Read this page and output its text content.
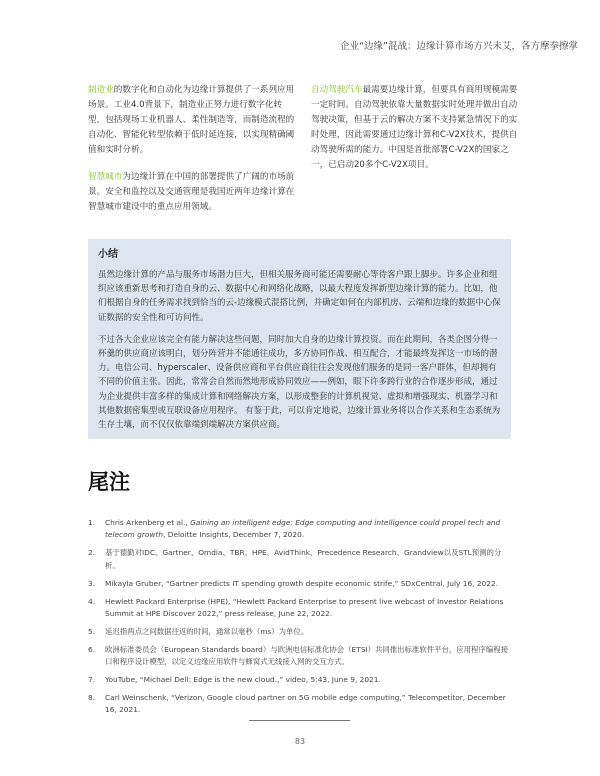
企业“边缘”混战：边缘计算市场方兴未艾，各方摩拳擦掌

制造业的数字化和自动化为边缘计算提供了一系列应用场景。工业4.0背景下，制造业正努力进行数字化转型，包括现场工业机器人、柔性制造等，而制造流程的自动化、智能化转型依赖于低时延连接，以实现精确阈值和实时分析。

智慧城市为边缘计算在中国的部署提供了广阔的市场前景。安全和监控以及交通管理是我国近两年边缘计算在智慧城市建设中的重点应用领域。

自动驾驶汽车最需要边缘计算，但要具有商用规模需要一定时间。自动驾驶依靠大量数据实时处理并做出自动驾驶决策，但基于云的解决方案不支持紧急情况下的实时处理，因此需要通过边缘计算和C-V2X技术，提供自动驾驶所需的能力。中国是首批部署C-V2X的国家之一，已启动20多个C-V2X项目。

小结

虽然边缘计算的产品与服务市场潜力巨大，但相关服务商可能还需要耐心等待客户跟上脚步。许多企业和组织应该重新思考和打造自身的云、数据中心和网络化战略，以最大程度发挥新型边缘计算的能力。比如，他们根据自身的任务需求找到恰当的云-边缘模式混搭比例，并确定如何在内部机房、云端和边缘的数据中心保证数据的安全性和可访问性。

不过各大企业应该完全有能力解决这些问题，同时加大自身的边缘计算投资。而在此期间，各类企图分得一杯羹的供应商应该明白，划分阵营并不能通往成功，多方协同作战、相互配合，才能最终发挥这一市场的潜力。电信公司、hyperscaler、设备供应商和平台供应商往往会发现他们服务的是同一客户群体，但却拥有不同的价值主张。因此，常常会自然而然地形成协同效应——例如，眼下许多跨行业的合作逐步形成，通过为企业提供丰富多样的集成计算和网络解决方案，以形成整套的计算机视觉、虚拟和增强现实、机器学习和其他数据密集型或互联设备应用程序。 有鉴于此，可以肯定地说，边缘计算业务将以合作关系和生态系统为生存土壤，而不仅仅依靠端到端解决方案供应商。

尾注
1.	Chris Arkenberg et al., Gaining an intelligent edge: Edge computing and intelligence could propel tech and telecom growth, Deloitte Insights, December 7, 2020.
2.	基于德勤对IDC、Gartner、Omdia、TBR、HPE、AvidThink、Precedence Research、Grandview以及STL预测的分析。
3.	Mikayla Gruber, “Gartner predicts IT spending growth despite economic strife,” SDxCentral, July 16, 2022.
4.	Hewlett Packard Enterprise (HPE), “Hewlett Packard Enterprise to present live webcast of Investor Relations Summit at HPE Discover 2022,” press release, June 22, 2022.
5.	延迟指两点之间数据往返的时间，通常以毫秒（ms）为单位。
6.	欧洲标准委员会（European Standards board）与欧洲电信标准化协会（ETSI）共同推出标准软件平台，应用程序编程接口和程序设计模型，以定义边缘应用软件与蜂窝式无线接入网的交互方式。
7.	YouTube, “Michael Dell: Edge is the new cloud.,” video, 5:43, June 9, 2021.
8.	Carl Weinschenk, “Verizon, Google cloud partner on 5G mobile edge computing,” Telecompetitor, December 16, 2021.
83
